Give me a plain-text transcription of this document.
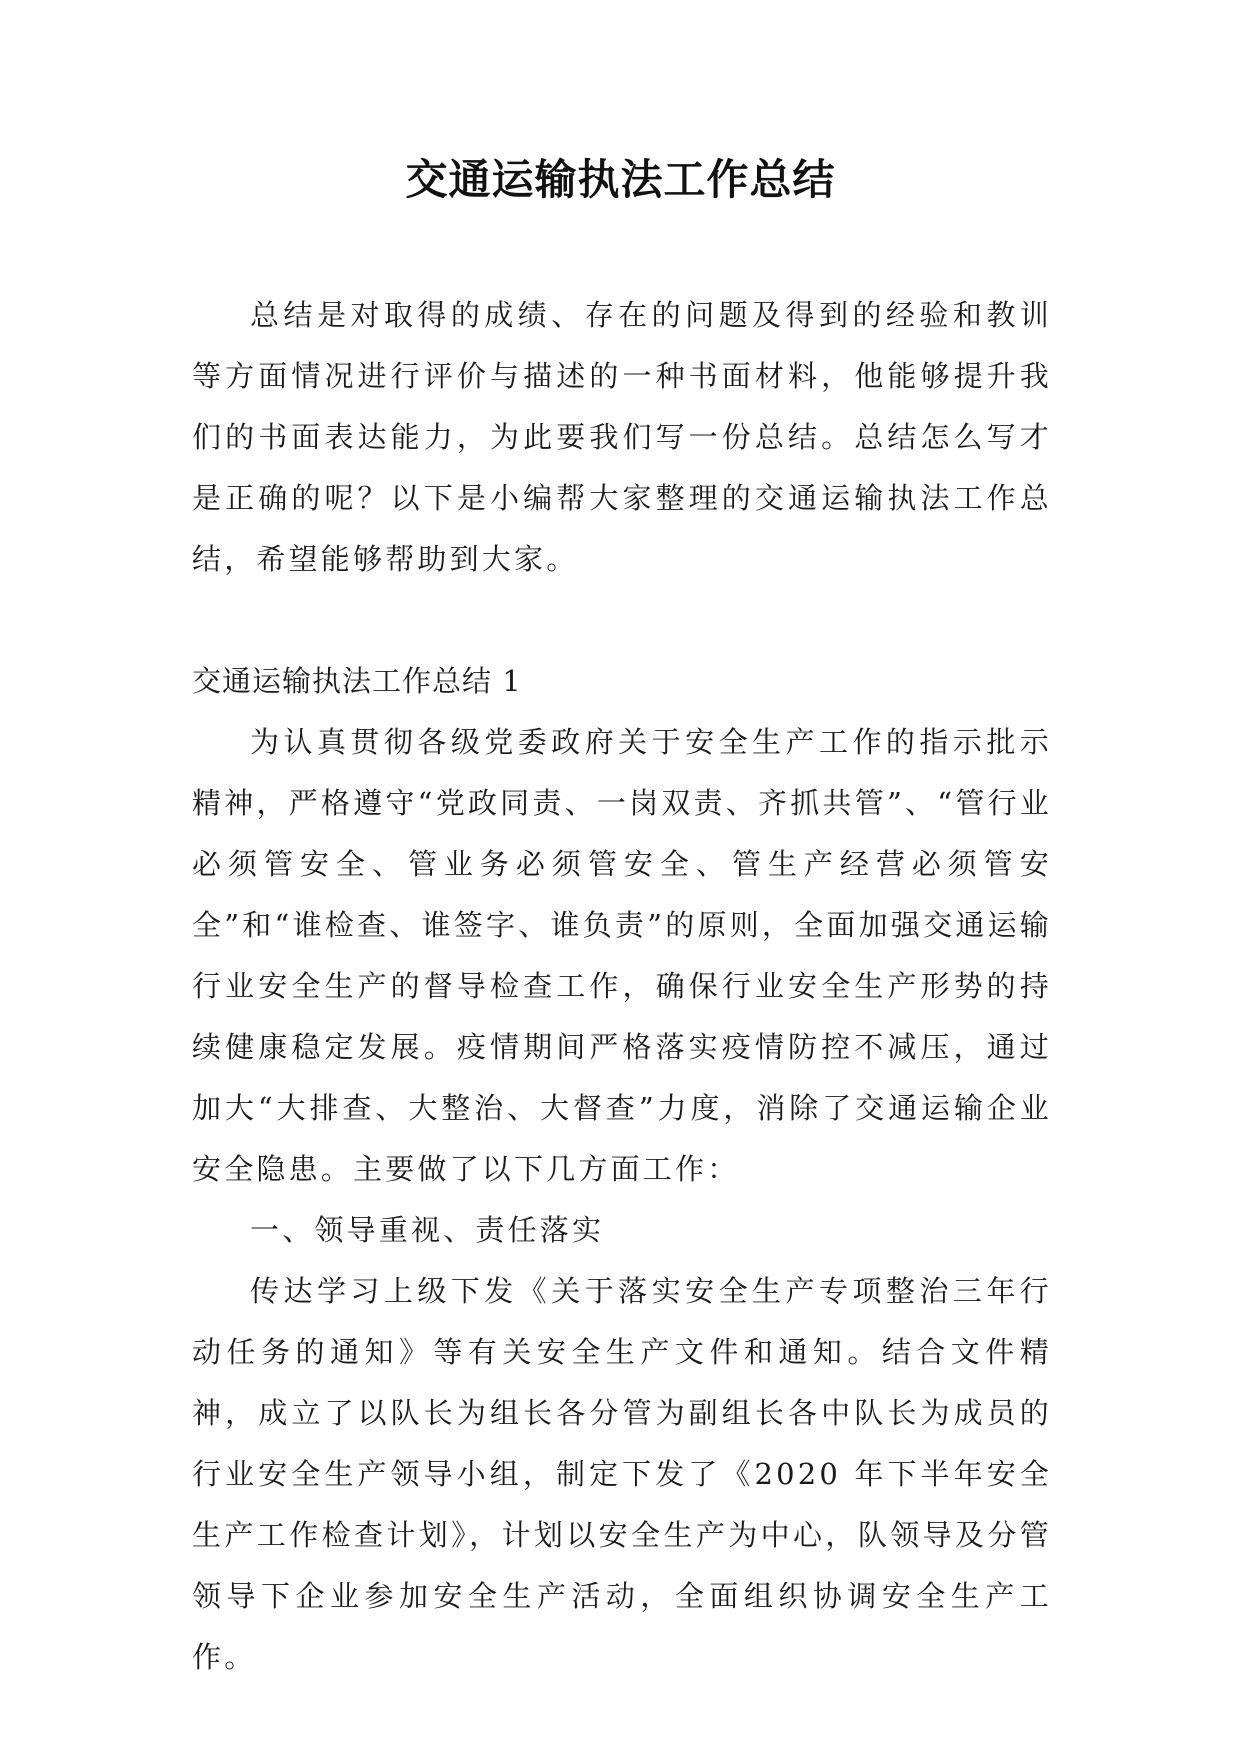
交通运输执法工作总结

总结是对取得的成绩、存在的问题及得到的经验和教训等方面情况进行评价与描述的一种书面材料，他能够提升我们的书面表达能力，为此要我们写一份总结。总结怎么写才是正确的呢？以下是小编帮大家整理的交通运输执法工作总结，希望能够帮助到大家。

交通运输执法工作总结 1

为认真贯彻各级党委政府关于安全生产工作的指示批示精神，严格遵守“党政同责、一岗双责、齐抓共管”、“管行业必须管安全、管业务必须管安全、管生产经营必须管安全”和“谁检查、谁签字、谁负责”的原则，全面加强交通运输行业安全生产的督导检查工作，确保行业安全生产形势的持续健康稳定发展。疫情期间严格落实疫情防控不减压，通过加大“大排查、大整治、大督查”力度，消除了交通运输企业安全隐患。主要做了以下几方面工作：

一、领导重视、责任落实

传达学习上级下发《关于落实安全生产专项整治三年行动任务的通知》等有关安全生产文件和通知。结合文件精神，成立了以队长为组长各分管为副组长各中队长为成员的行业安全生产领导小组，制定下发了《2020 年下半年安全生产工作检查计划》，计划以安全生产为中心，队领导及分管领导下企业参加安全生产活动，全面组织协调安全生产工作。
